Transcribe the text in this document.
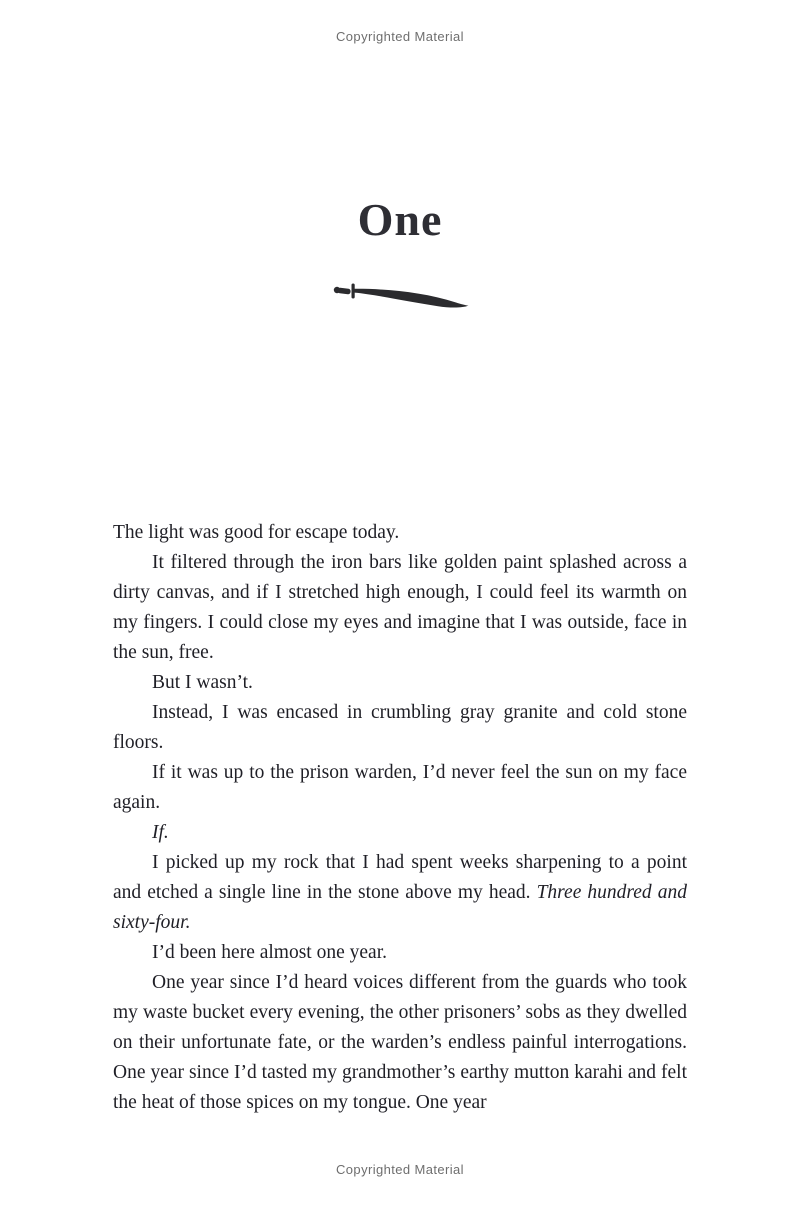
Copyrighted Material
One

The light was good for escape today.

It filtered through the iron bars like golden paint splashed across a dirty canvas, and if I stretched high enough, I could feel its warmth on my fingers. I could close my eyes and imagine that I was outside, face in the sun, free.

But I wasn’t.

Instead, I was encased in crumbling gray granite and cold stone floors.

If it was up to the prison warden, I’d never feel the sun on my face again.

If.

I picked up my rock that I had spent weeks sharpening to a point and etched a single line in the stone above my head. Three hundred and sixty-four.

I’d been here almost one year.

One year since I’d heard voices different from the guards who took my waste bucket every evening, the other prisoners’ sobs as they dwelled on their unfortunate fate, or the warden’s endless painful interrogations. One year since I’d tasted my grandmother’s earthy mutton karahi and felt the heat of those spices on my tongue. One year

Copyrighted Material
